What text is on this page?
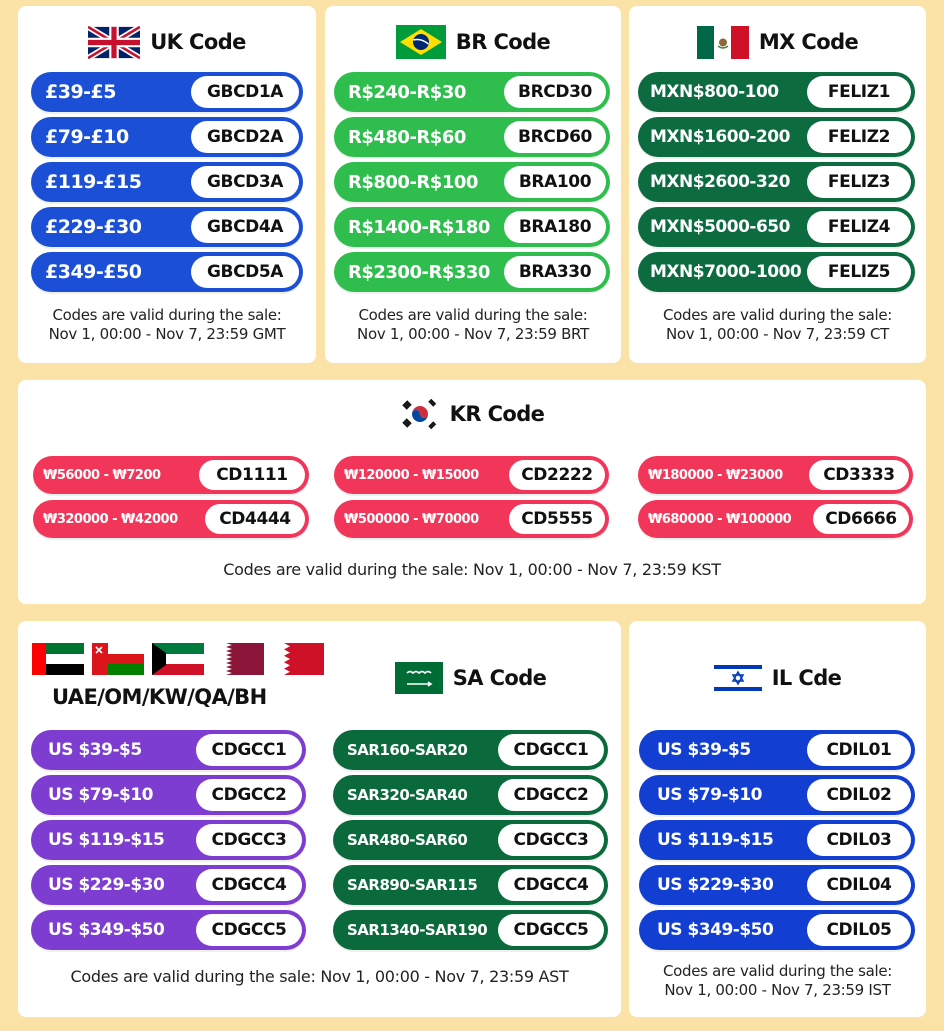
UK Code
£39-£5	GBCD1A
£79-£10	GBCD2A
£119-£15	GBCD3A
£229-£30	GBCD4A
£349-£50	GBCD5A
Codes are valid during the sale:
Nov 1, 00:00 - Nov 7, 23:59 GMT
BR Code
R$240-R$30	BRCD30
R$480-R$60	BRCD60
R$800-R$100	BRA100
R$1400-R$180	BRA180
R$2300-R$330	BRA330
Codes are valid during the sale:
Nov 1, 00:00 - Nov 7, 23:59 BRT
MX Code
MXN$800-100	FELIZ1
MXN$1600-200	FELIZ2
MXN$2600-320	FELIZ3
MXN$5000-650	FELIZ4
MXN$7000-1000	FELIZ5
Codes are valid during the sale:
Nov 1, 00:00 - Nov 7, 23:59 CT
KR Code
₩56000 - ₩7200	CD1111	₩120000 - ₩15000	CD2222	₩180000 - ₩23000	CD3333
₩320000 - ₩42000	CD4444	₩500000 - ₩70000	CD5555	₩680000 - ₩100000	CD6666
Codes are valid during the sale: Nov 1, 00:00 - Nov 7, 23:59 KST
UAE/OM/KW/QA/BH
SA Code
US $39-$5	CDGCC1
US $79-$10	CDGCC2
US $119-$15	CDGCC3
US $229-$30	CDGCC4
US $349-$50	CDGCC5
SAR160-SAR20	CDGCC1
SAR320-SAR40	CDGCC2
SAR480-SAR60	CDGCC3
SAR890-SAR115	CDGCC4
SAR1340-SAR190	CDGCC5
Codes are valid during the sale: Nov 1, 00:00 - Nov 7, 23:59 AST
IL Cde
US $39-$5	CDIL01
US $79-$10	CDIL02
US $119-$15	CDIL03
US $229-$30	CDIL04
US $349-$50	CDIL05
Codes are valid during the sale:
Nov 1, 00:00 - Nov 7, 23:59 IST
